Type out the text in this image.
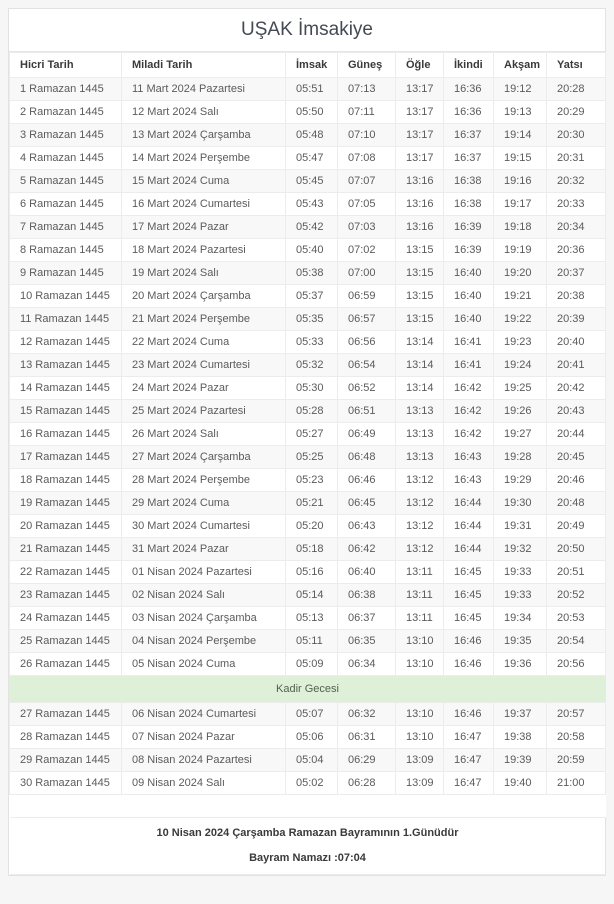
UŞAK İmsakiye
Hicri Tarih	Miladi Tarih	İmsak	Güneş	Öğle	İkindi	Akşam	Yatsı
1 Ramazan 1445	11 Mart 2024 Pazartesi	05:51	07:13	13:17	16:36	19:12	20:28
2 Ramazan 1445	12 Mart 2024 Salı	05:50	07:11	13:17	16:36	19:13	20:29
3 Ramazan 1445	13 Mart 2024 Çarşamba	05:48	07:10	13:17	16:37	19:14	20:30
4 Ramazan 1445	14 Mart 2024 Perşembe	05:47	07:08	13:17	16:37	19:15	20:31
5 Ramazan 1445	15 Mart 2024 Cuma	05:45	07:07	13:16	16:38	19:16	20:32
6 Ramazan 1445	16 Mart 2024 Cumartesi	05:43	07:05	13:16	16:38	19:17	20:33
7 Ramazan 1445	17 Mart 2024 Pazar	05:42	07:03	13:16	16:39	19:18	20:34
8 Ramazan 1445	18 Mart 2024 Pazartesi	05:40	07:02	13:15	16:39	19:19	20:36
9 Ramazan 1445	19 Mart 2024 Salı	05:38	07:00	13:15	16:40	19:20	20:37
10 Ramazan 1445	20 Mart 2024 Çarşamba	05:37	06:59	13:15	16:40	19:21	20:38
11 Ramazan 1445	21 Mart 2024 Perşembe	05:35	06:57	13:15	16:40	19:22	20:39
12 Ramazan 1445	22 Mart 2024 Cuma	05:33	06:56	13:14	16:41	19:23	20:40
13 Ramazan 1445	23 Mart 2024 Cumartesi	05:32	06:54	13:14	16:41	19:24	20:41
14 Ramazan 1445	24 Mart 2024 Pazar	05:30	06:52	13:14	16:42	19:25	20:42
15 Ramazan 1445	25 Mart 2024 Pazartesi	05:28	06:51	13:13	16:42	19:26	20:43
16 Ramazan 1445	26 Mart 2024 Salı	05:27	06:49	13:13	16:42	19:27	20:44
17 Ramazan 1445	27 Mart 2024 Çarşamba	05:25	06:48	13:13	16:43	19:28	20:45
18 Ramazan 1445	28 Mart 2024 Perşembe	05:23	06:46	13:12	16:43	19:29	20:46
19 Ramazan 1445	29 Mart 2024 Cuma	05:21	06:45	13:12	16:44	19:30	20:48
20 Ramazan 1445	30 Mart 2024 Cumartesi	05:20	06:43	13:12	16:44	19:31	20:49
21 Ramazan 1445	31 Mart 2024 Pazar	05:18	06:42	13:12	16:44	19:32	20:50
22 Ramazan 1445	01 Nisan 2024 Pazartesi	05:16	06:40	13:11	16:45	19:33	20:51
23 Ramazan 1445	02 Nisan 2024 Salı	05:14	06:38	13:11	16:45	19:33	20:52
24 Ramazan 1445	03 Nisan 2024 Çarşamba	05:13	06:37	13:11	16:45	19:34	20:53
25 Ramazan 1445	04 Nisan 2024 Perşembe	05:11	06:35	13:10	16:46	19:35	20:54
26 Ramazan 1445	05 Nisan 2024 Cuma	05:09	06:34	13:10	16:46	19:36	20:56
Kadir Gecesi							
27 Ramazan 1445	06 Nisan 2024 Cumartesi	05:07	06:32	13:10	16:46	19:37	20:57
28 Ramazan 1445	07 Nisan 2024 Pazar	05:06	06:31	13:10	16:47	19:38	20:58
29 Ramazan 1445	08 Nisan 2024 Pazartesi	05:04	06:29	13:09	16:47	19:39	20:59
30 Ramazan 1445	09 Nisan 2024 Salı	05:02	06:28	13:09	16:47	19:40	21:00

10 Nisan 2024 Çarşamba Ramazan Bayramının 1.Günüdür
Bayram Namazı :07:04							
